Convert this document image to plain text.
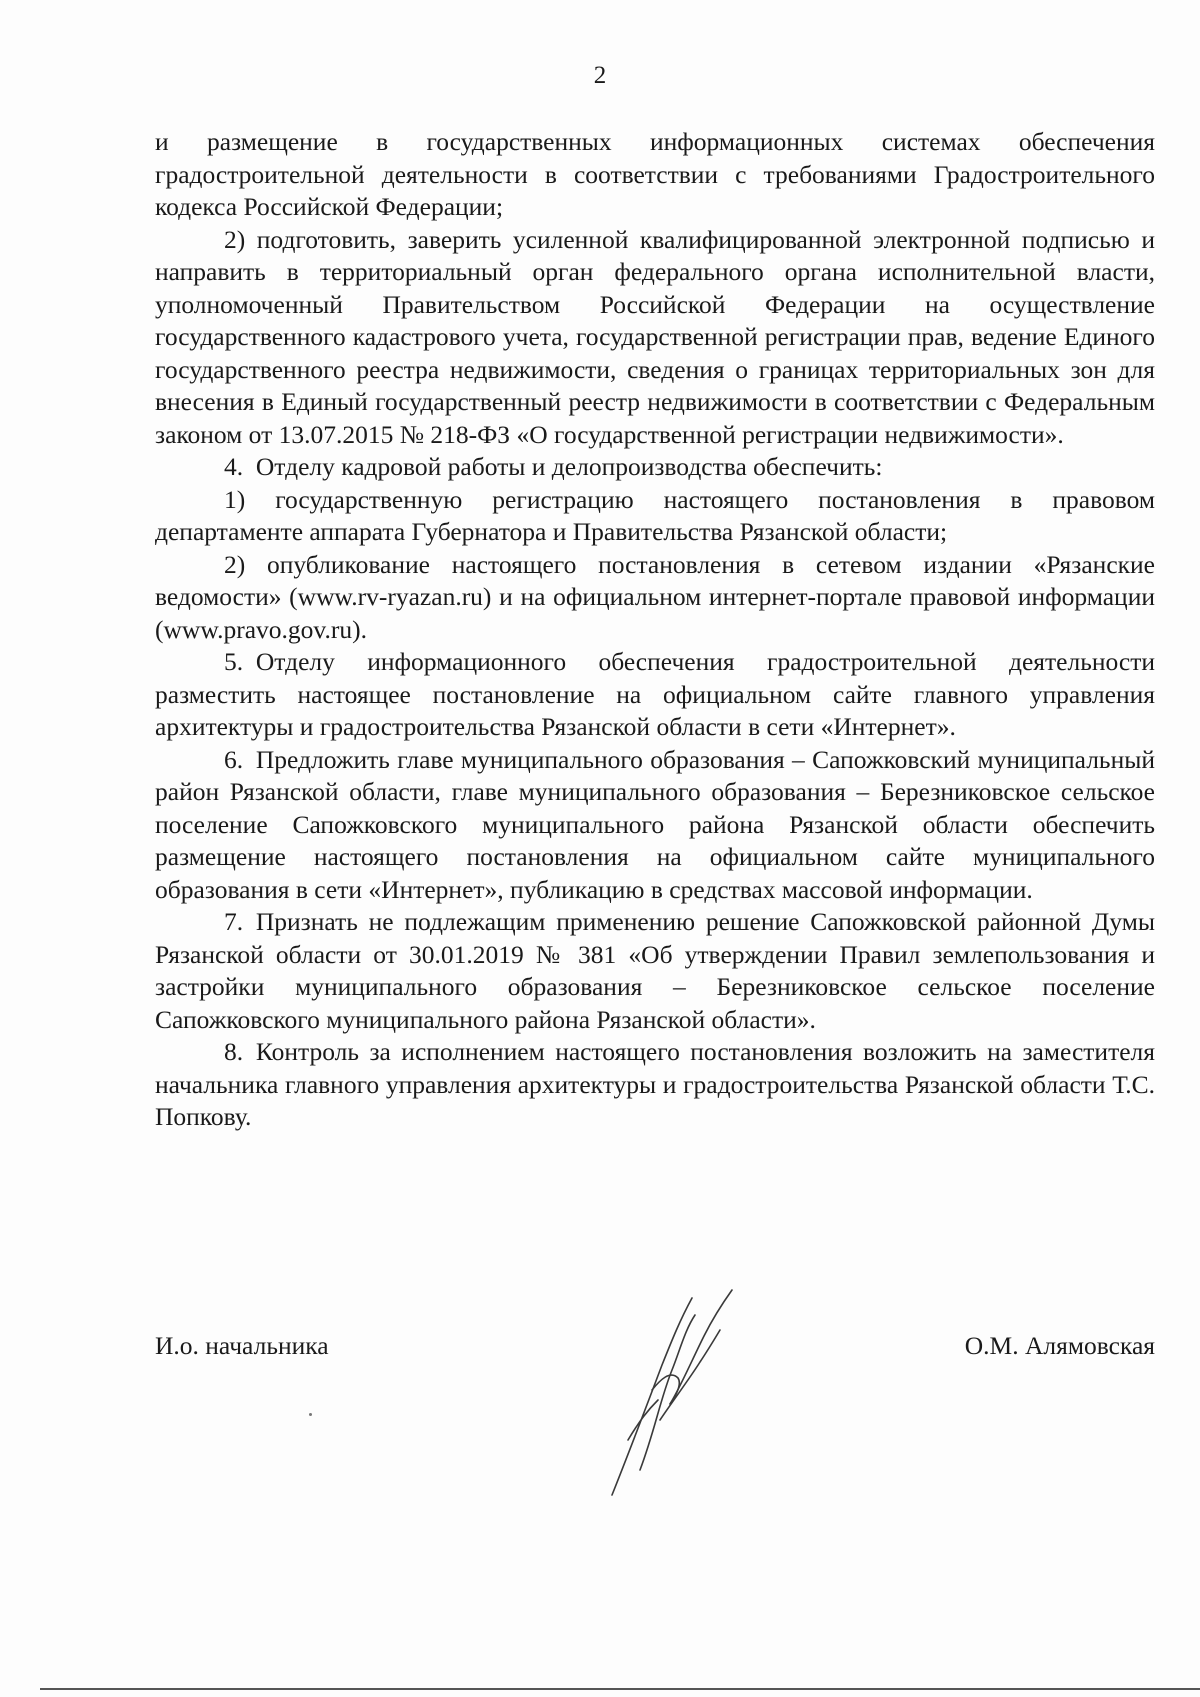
2

и размещение в государственных информационных системах обеспечения градостроительной деятельности в соответствии с требованиями Градостроительного кодекса Российской Федерации;

2) подготовить, заверить усиленной квалифицированной электронной подписью и направить в территориальный орган федерального органа исполнительной власти, уполномоченный Правительством Российской Федерации на осуществление государственного кадастрового учета, государственной регистрации прав, ведение Единого государственного реестра недвижимости, сведения о границах территориальных зон для внесения в Единый государственный реестр недвижимости в соответствии с Федеральным законом от 13.07.2015 № 218-ФЗ «О государственной регистрации недвижимости».

4. Отделу кадровой работы и делопроизводства обеспечить:

1) государственную регистрацию настоящего постановления в правовом департаменте аппарата Губернатора и Правительства Рязанской области;

2) опубликование настоящего постановления в сетевом издании «Рязанские ведомости» (www.rv-ryazan.ru) и на официальном интернет-портале правовой информации (www.pravo.gov.ru).

5. Отделу информационного обеспечения градостроительной деятельности разместить настоящее постановление на официальном сайте главного управления архитектуры и градостроительства Рязанской области в сети «Интернет».

6. Предложить главе муниципального образования – Сапожковский муниципальный район Рязанской области, главе муниципального образования – Березниковское сельское поселение Сапожковского муниципального района Рязанской области обеспечить размещение настоящего постановления на официальном сайте муниципального образования в сети «Интернет», публикацию в средствах массовой информации.

7. Признать не подлежащим применению решение Сапожковской районной Думы Рязанской области от 30.01.2019 № 381 «Об утверждении Правил землепользования и застройки муниципального образования – Березниковское сельское поселение Сапожковского муниципального района Рязанской области».

8. Контроль за исполнением настоящего постановления возложить на заместителя начальника главного управления архитектуры и градостроительства Рязанской области Т.С. Попкову.

И.о. начальника	О.М. Алямовская
